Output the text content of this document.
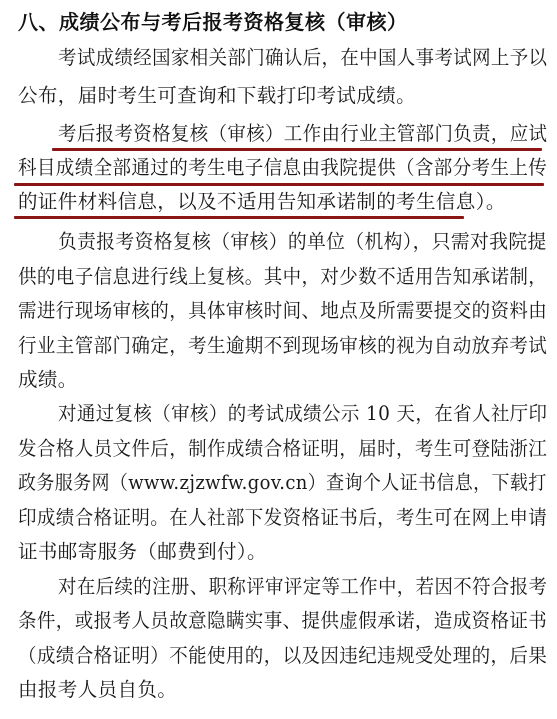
八、成绩公布与考后报考资格复核（审核）
考试成绩经国家相关部门确认后，在中国人事考试网上予以
公布，届时考生可查询和下载打印考试成绩。
考后报考资格复核（审核）工作由行业主管部门负责，应试
科目成绩全部通过的考生电子信息由我院提供（含部分考生上传
的证件材料信息，以及不适用告知承诺制的考生信息）。
负责报考资格复核（审核）的单位（机构），只需对我院提
供的电子信息进行线上复核。其中，对少数不适用告知承诺制，
需进行现场审核的，具体审核时间、地点及所需要提交的资料由
行业主管部门确定，考生逾期不到现场审核的视为自动放弃考试
成绩。
对通过复核（审核）的考试成绩公示 10 天，在省人社厅印
发合格人员文件后，制作成绩合格证明，届时，考生可登陆浙江
政务服务网（www.zjzwfw.gov.cn）查询个人证书信息，下载打
印成绩合格证明。在人社部下发资格证书后，考生可在网上申请
证书邮寄服务（邮费到付）。
对在后续的注册、职称评审评定等工作中，若因不符合报考
条件，或报考人员故意隐瞒实事、提供虚假承诺，造成资格证书
（成绩合格证明）不能使用的，以及因违纪违规受处理的，后果
由报考人员自负。
